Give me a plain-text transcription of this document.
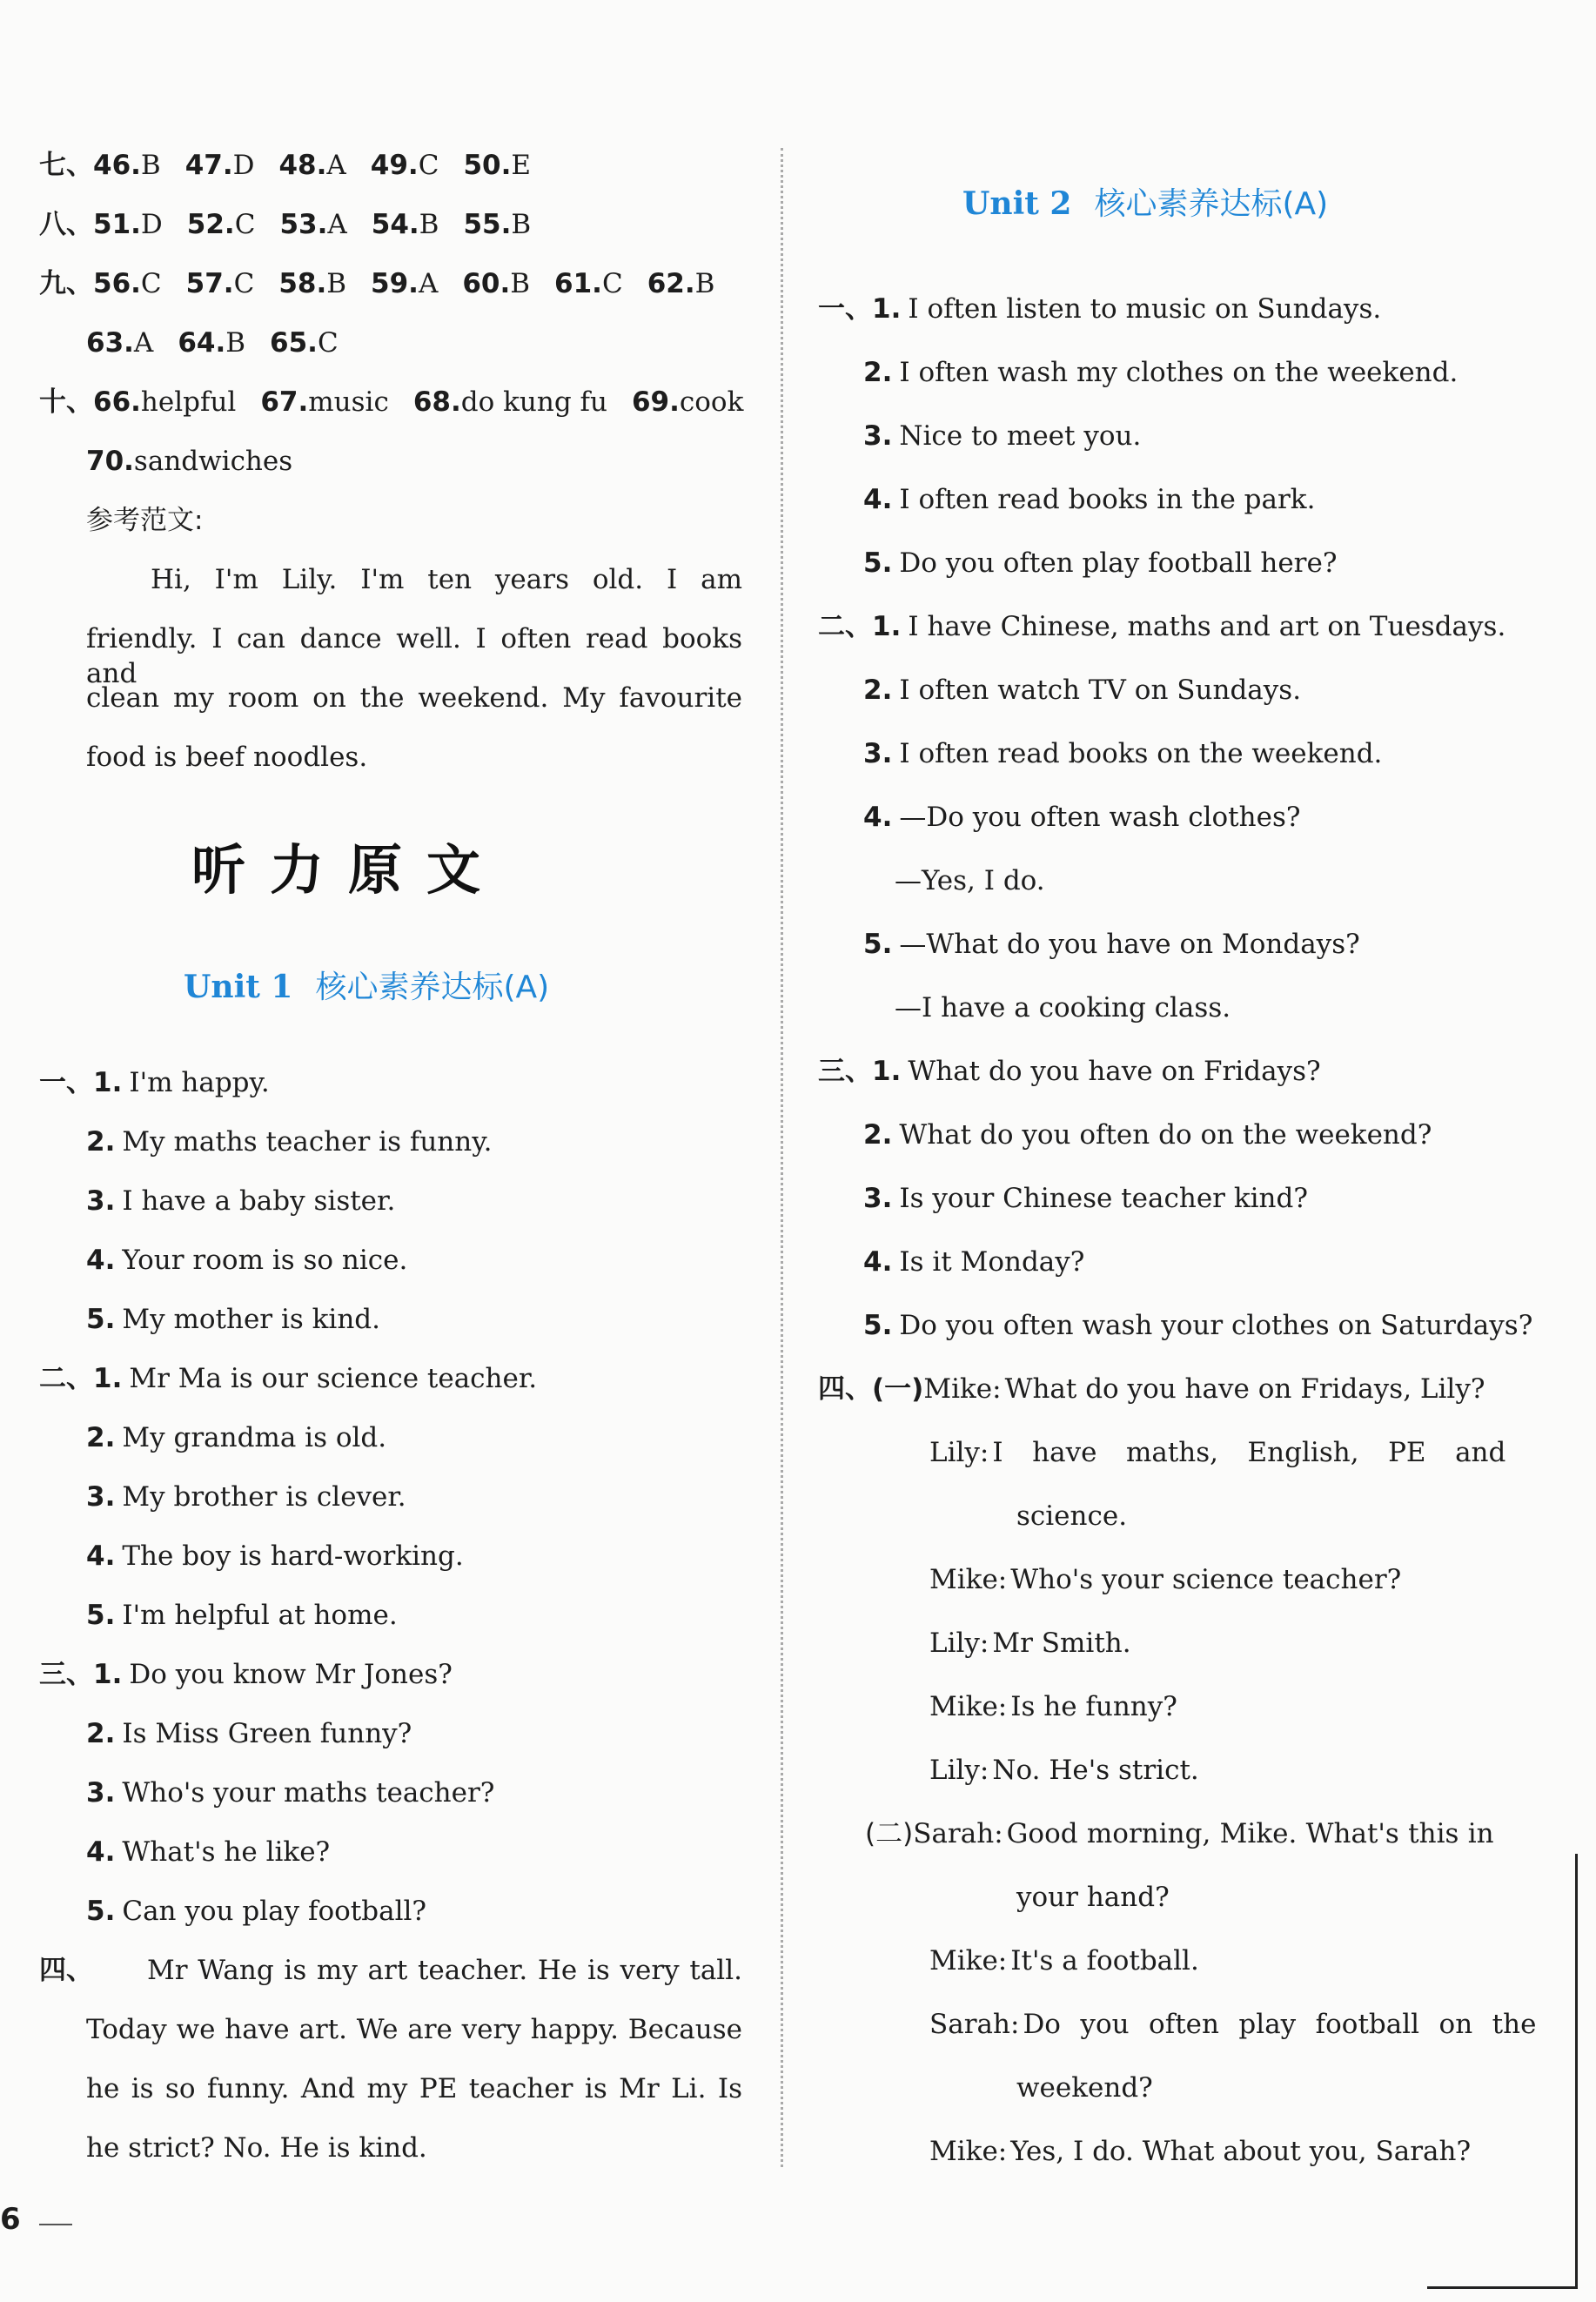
七、46.B 47.D 48.A 49.C 50.E
八、51.D 52.C 53.A 54.B 55.B
九、56.C 57.C 58.B 59.A 60.B 61.C 62.B
63.A 64.B 65.C
十、66.helpful 67.music 68.do kung fu 69.cook
70.sandwiches
参考范文:
Hi, I'm Lily. I'm ten years old. I am
friendly. I can dance well. I often read books and
clean my room on the weekend. My favourite
food is beef noodles.
Unit 1 核心素养达标(A)
一、1. I'm happy.
2. My maths teacher is funny.
3. I have a baby sister.
4. Your room is so nice.
5. My mother is kind.
二、1. Mr Ma is our science teacher.
2. My grandma is old.
3. My brother is clever.
4. The boy is hard-working.
5. I'm helpful at home.
三、1. Do you know Mr Jones?
2. Is Miss Green funny?
3. Who's your maths teacher?
4. What's he like?
5. Can you play football?
四、 Mr Wang is my art teacher. He is very tall.
Today we have art. We are very happy. Because
he is so funny. And my PE teacher is Mr Li. Is
he strict? No. He is kind.
Unit 2 核心素养达标(A)
一、1. I often listen to music on Sundays.
2. I often wash my clothes on the weekend.
3. Nice to meet you.
4. I often read books in the park.
5. Do you often play football here?
二、1. I have Chinese, maths and art on Tuesdays.
2. I often watch TV on Sundays.
3. I often read books on the weekend.
4. —Do you often wash clothes?
—Yes, I do.
5. —What do you have on Mondays?
—I have a cooking class.
三、1. What do you have on Fridays?
2. What do you often do on the weekend?
3. Is your Chinese teacher kind?
4. Is it Monday?
5. Do you often wash your clothes on Saturdays?
四、(一)Mike: What do you have on Fridays, Lily?
Lily: I have maths, English, PE and
science.
Mike: Who's your science teacher?
Lily: Mr Smith.
Mike: Is he funny?
Lily: No. He's strict.
(二)Sarah: Good morning, Mike. What's this in
your hand?
Mike: It's a football.
Sarah: Do you often play football on the
weekend?
Mike: Yes, I do. What about you, Sarah?
6
听力原文
